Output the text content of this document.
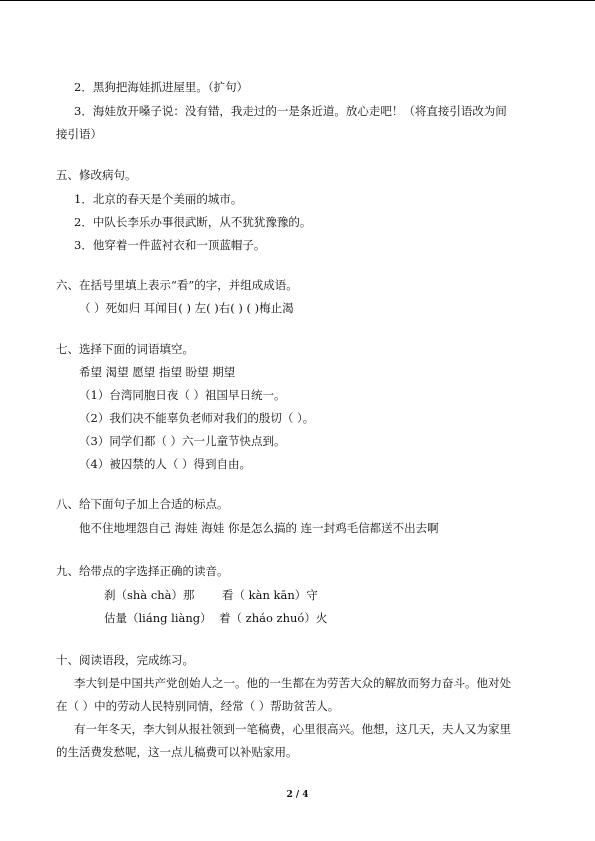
2．黑狗把海娃抓进屋里。（扩句）
3．海娃放开嗓子说：没有错，我走过的一是条近道。放心走吧！（将直接引语改为间
接引语）
五、修改病句。
1．北京的春天是个美丽的城市。
2．中队长李乐办事很武断，从不犹犹豫豫的。
3．他穿着一件蓝衬衣和一顶蓝帽子。
六、在括号里填上表示“看”的字，并组成成语。
（ ）死如归 耳闻目( ) 左( )右( ) ( )梅止渴
七、选择下面的词语填空。
希望 渴望 愿望 指望 盼望 期望
（1）台湾同胞日夜（ ）祖国早日统一。
（2）我们决不能辜负老师对我们的殷切（ ）。
（3）同学们都（ ）六一儿童节快点到。
（4）被囚禁的人（ ）得到自由。
八、给下面句子加上合适的标点。
他不住地埋怨自己 海娃 海娃 你是怎么搞的 连一封鸡毛信都送不出去啊
九、给带点的字选择正确的读音。
刹（shà chà）那 看（ kàn kān）守
估量（liáng liàng） 着（ zháo zhuó）火
十、阅读语段，完成练习。
李大钊是中国共产党创始人之一。他的一生都在为劳苦大众的解放而努力奋斗。他对处
在（ ）中的劳动人民特别同情，经常（ ）帮助贫苦人。
有一年冬天，李大钊从报社领到一笔稿费，心里很高兴。他想，这几天，夫人又为家里
的生活费发愁呢，这一点儿稿费可以补贴家用。
2 / 4
